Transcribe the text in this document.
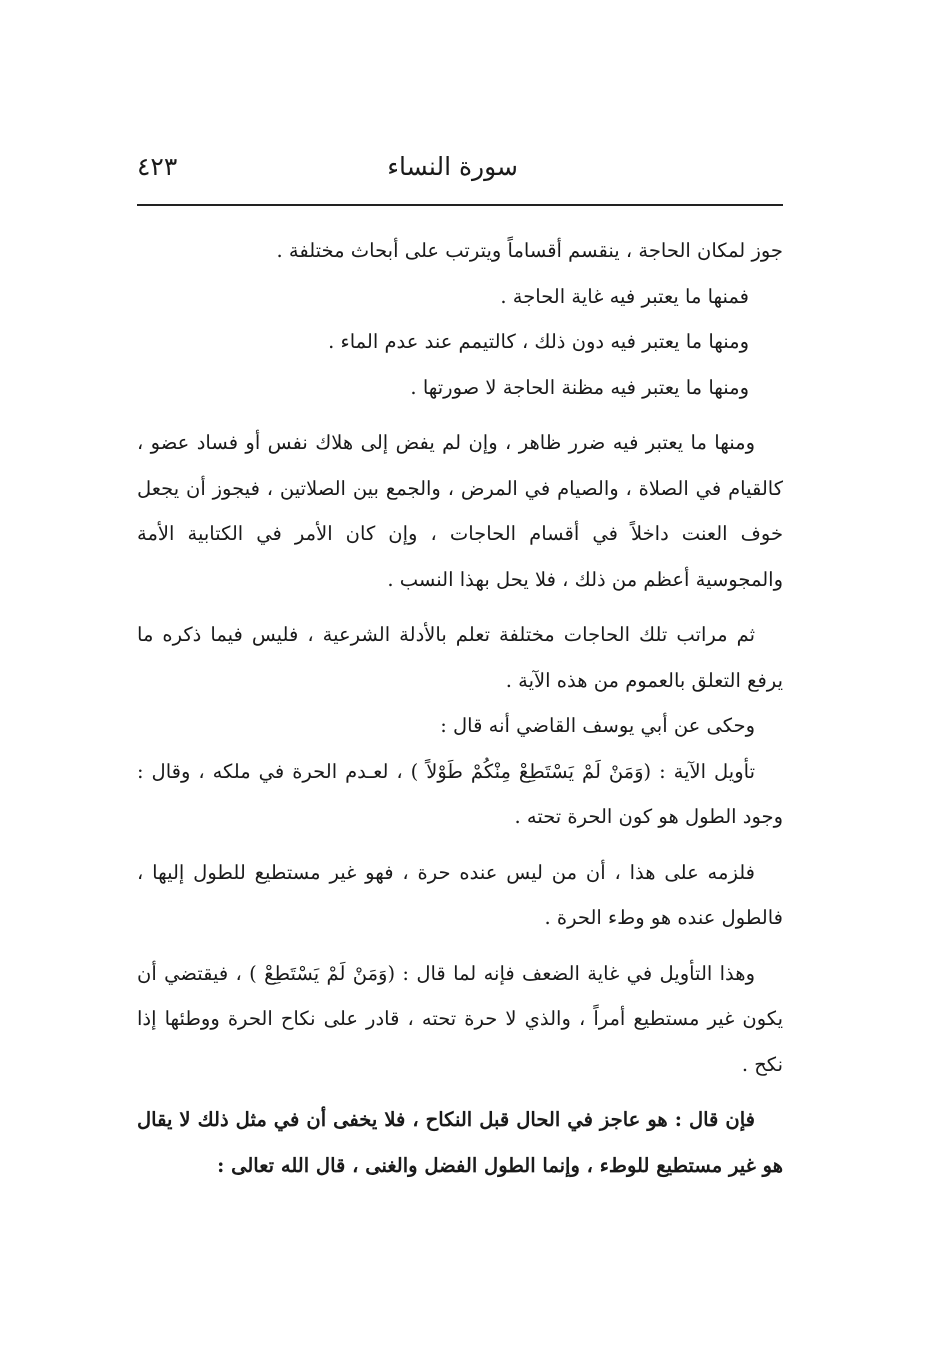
سورة النساء
٤٢٣

جوز لمكان الحاجة ، ينقسم أقساماً ويترتب على أبحاث مختلفة .

فمنها ما يعتبر فيه غاية الحاجة .

ومنها ما يعتبر فيه دون ذلك ، كالتيمم عند عدم الماء .

ومنها ما يعتبر فيه مظنة الحاجة لا صورتها .

ومنها ما يعتبر فيه ضرر ظاهر ، وإن لم يفض إلى هلاك نفس أو فساد عضو ، كالقيام في الصلاة ، والصيام في المرض ، والجمع بين الصلاتين ، فيجوز أن يجعل خوف العنت داخلاً في أقسام الحاجات ، وإن كان الأمر في الكتابية الأمة والمجوسية أعظم من ذلك ، فلا يحل بهذا النسب .

ثم مراتب تلك الحاجات مختلفة تعلم بالأدلة الشرعية ، فليس فيما ذكره ما يرفع التعلق بالعموم من هذه الآية .

وحكى عن أبي يوسف القاضي أنه قال :

تأويل الآية : (وَمَنْ لَمْ يَسْتَطِعْ مِنْكُمْ طَوْلاً ) ، لعـدم الحرة في ملكه ، وقال : وجود الطول هو كون الحرة تحته .

فلزمه على هذا ، أن من ليس عنده حرة ، فهو غير مستطيع للطول إليها ، فالطول عنده هو وطء الحرة .

وهذا التأويل في غاية الضعف فإنه لما قال : (وَمَنْ لَمْ يَسْتَطِعْ ) ، فيقتضي أن يكون غير مستطيع أمراً ، والذي لا حرة تحته ، قادر على نكاح الحرة ووطئها إذا نكح .

فإن قال : هو عاجز في الحال قبل النكاح ، فلا يخفى أن في مثل ذلك لا يقال هو غير مستطيع للوطء ، وإنما الطول الفضل والغنى ، قال الله تعالى :
